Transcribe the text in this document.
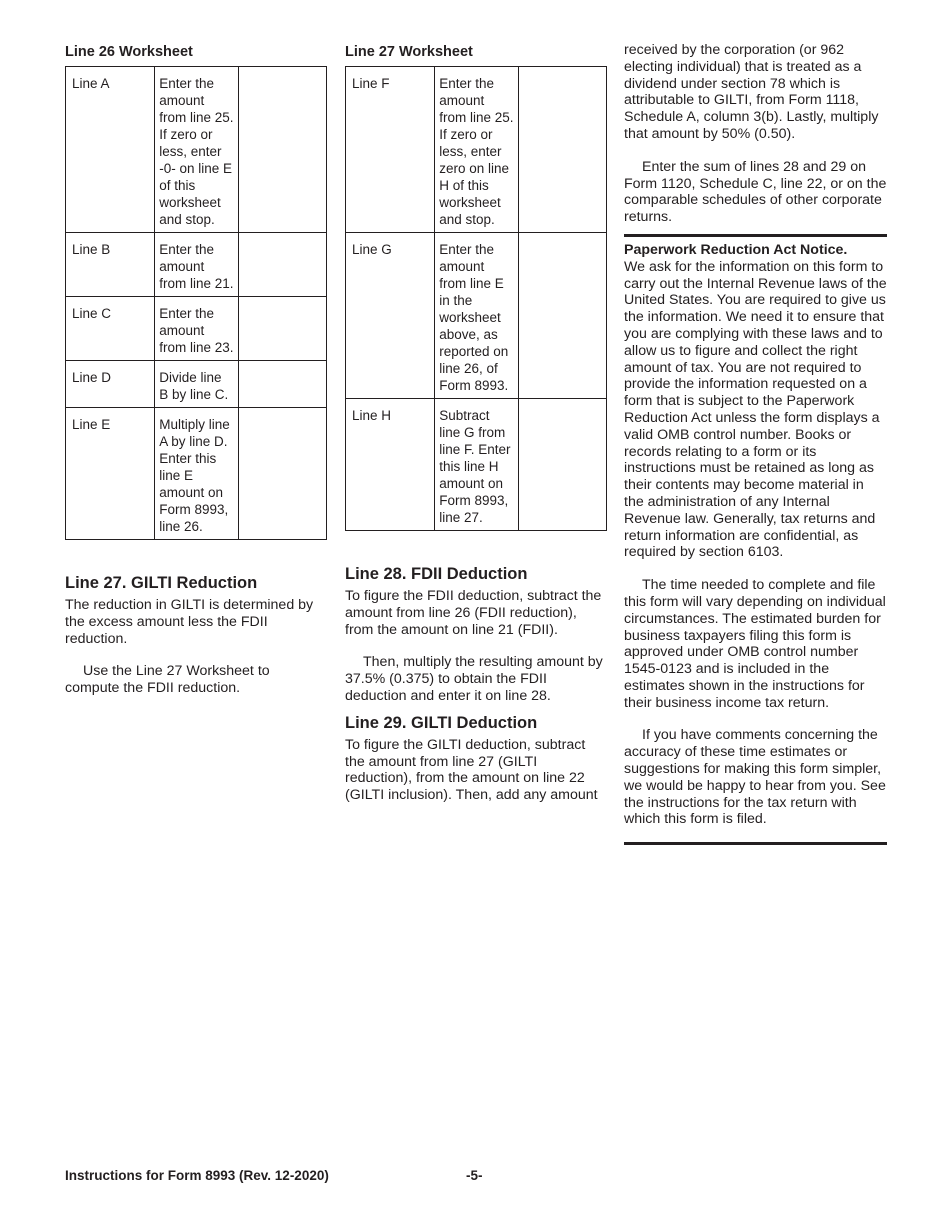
Line 26 Worksheet
Line A	Enter the amount from line 25. If zero or less, enter -0- on line E of this worksheet and stop.	
Line B	Enter the amount from line 21.	
Line C	Enter the amount from line 23.	
Line D	Divide line B by line C.	
Line E	Multiply line A by line D. Enter this line E amount on Form 8993, line 26.	
Line 27. GILTI Reduction

The reduction in GILTI is determined by the excess amount less the FDII reduction.

Use the Line 27 Worksheet to compute the FDII reduction.

Line 27 Worksheet
Line F	Enter the amount from line 25. If zero or less, enter zero on line H of this worksheet and stop.	
Line G	Enter the amount from line E in the worksheet above, as reported on line 26, of Form 8993.	
Line H	Subtract line G from line F. Enter this line H amount on Form 8993, line 27.	
Line 28. FDII Deduction

To figure the FDII deduction, subtract the amount from line 26 (FDII reduction), from the amount on line 21 (FDII).

Then, multiply the resulting amount by 37.5% (0.375) to obtain the FDII deduction and enter it on line 28.

Line 29. GILTI Deduction

To figure the GILTI deduction, subtract the amount from line 27 (GILTI reduction), from the amount on line 22 (GILTI inclusion). Then, add any amount

received by the corporation (or 962 electing individual) that is treated as a dividend under section 78 which is attributable to GILTI, from Form 1118, Schedule A, column 3(b). Lastly, multiply that amount by 50% (0.50).

Enter the sum of lines 28 and 29 on Form 1120, Schedule C, line 22, or on the comparable schedules of other corporate returns.

Paperwork Reduction Act Notice.
We ask for the information on this form to carry out the Internal Revenue laws of the United States. You are required to give us the information. We need it to ensure that you are complying with these laws and to allow us to figure and collect the right amount of tax. You are not required to provide the information requested on a form that is subject to the Paperwork Reduction Act unless the form displays a valid OMB control number. Books or records relating to a form or its instructions must be retained as long as their contents may become material in the administration of any Internal Revenue law. Generally, tax returns and return information are confidential, as required by section 6103.

The time needed to complete and file this form will vary depending on individual circumstances. The estimated burden for business taxpayers filing this form is approved under OMB control number 1545-0123 and is included in the estimates shown in the instructions for their business income tax return.

If you have comments concerning the accuracy of these time estimates or suggestions for making this form simpler, we would be happy to hear from you. See the instructions for the tax return with which this form is filed.

Instructions for Form 8993 (Rev. 12-2020)	-5-
